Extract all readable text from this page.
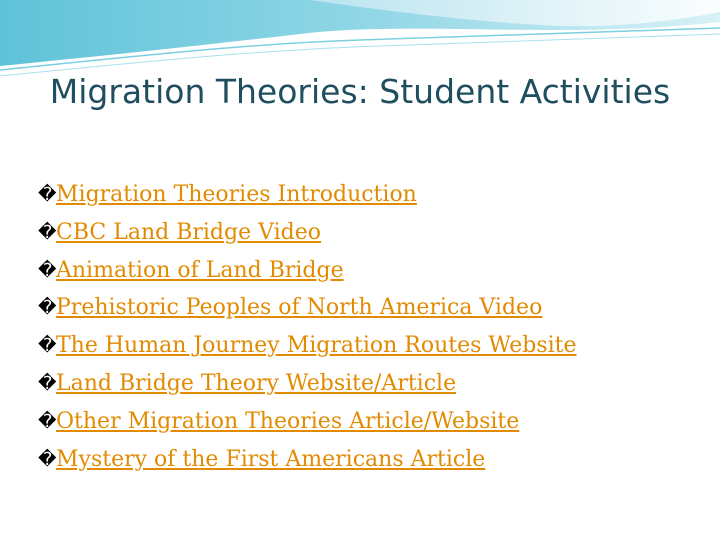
Migration Theories: Student Activities
� Migration Theories Introduction
� CBC Land Bridge Video
� Animation of Land Bridge
� Prehistoric Peoples of North America Video
� The Human Journey Migration Routes Website
� Land Bridge Theory Website/Article
� Other Migration Theories Article/Website
� Mystery of the First Americans Article
